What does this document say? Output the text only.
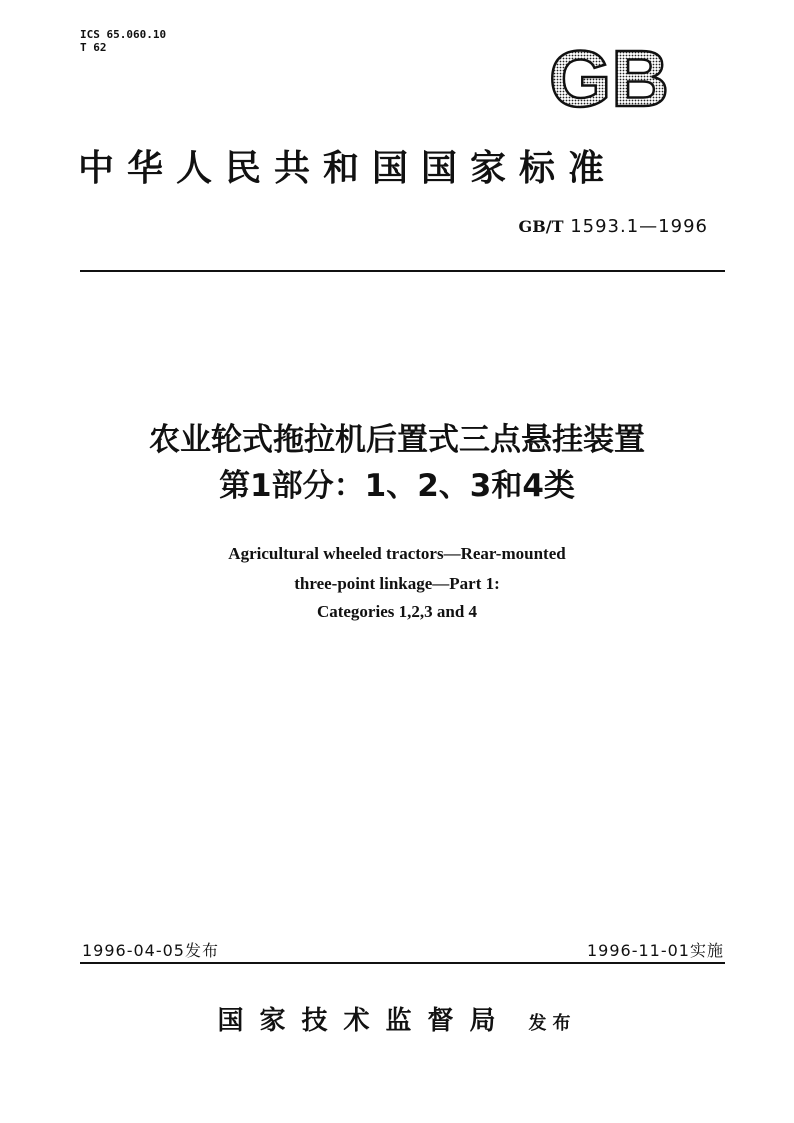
ICS 65.060.10
T 62	GB
中华人民共和国国家标准
GB/T 1593.1—1996
农业轮式拖拉机后置式三点悬挂装置
第1部分：1、2、3和4类
Agricultural wheeled tractors—Rear-mounted
three-point linkage—Part 1:
Categories 1,2,3 and 4
1996-04-05发布	1996-11-01实施
国家技术监督局 发布
